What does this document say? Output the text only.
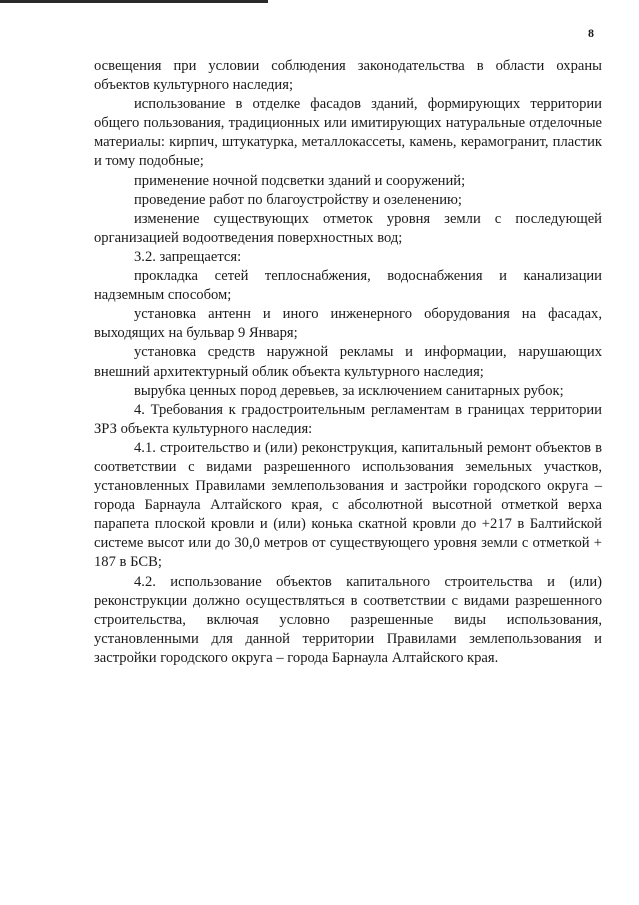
8

освещения при условии соблюдения законодательства в области охраны объектов культурного наследия;

использование в отделке фасадов зданий, формирующих территории общего пользования, традиционных или имитирующих натуральные отделочные материалы: кирпич, штукатурка, металлокассеты, камень, керамогранит, пластик и тому подобные;

применение ночной подсветки зданий и сооружений;

проведение работ по благоустройству и озеленению;

изменение существующих отметок уровня земли с последующей организацией водоотведения поверхностных вод;

3.2. запрещается:

прокладка сетей теплоснабжения, водоснабжения и канализации надземным способом;

установка антенн и иного инженерного оборудования на фасадах, выходящих на бульвар 9 Января;

установка средств наружной рекламы и информации, нарушающих внешний архитектурный облик объекта культурного наследия;

вырубка ценных пород деревьев, за исключением санитарных рубок;

4. Требования к градостроительным регламентам в границах территории ЗРЗ объекта культурного наследия:

4.1. строительство и (или) реконструкция, капитальный ремонт объектов в соответствии с видами разрешенного использования земельных участков, установленных Правилами землепользования и застройки городского округа – города Барнаула Алтайского края, с абсолютной высотной отметкой верха парапета плоской кровли и (или) конька скатной кровли до +217 в Балтийской системе высот или до 30,0 метров от существующего уровня земли с отметкой + 187 в БСВ;

4.2. использование объектов капитального строительства и (или) реконструкции должно осуществляться в соответствии с видами разрешенного строительства, включая условно разрешенные виды использования, установленными для данной территории Правилами землепользования и застройки городского округа – города Барнаула Алтайского края.
